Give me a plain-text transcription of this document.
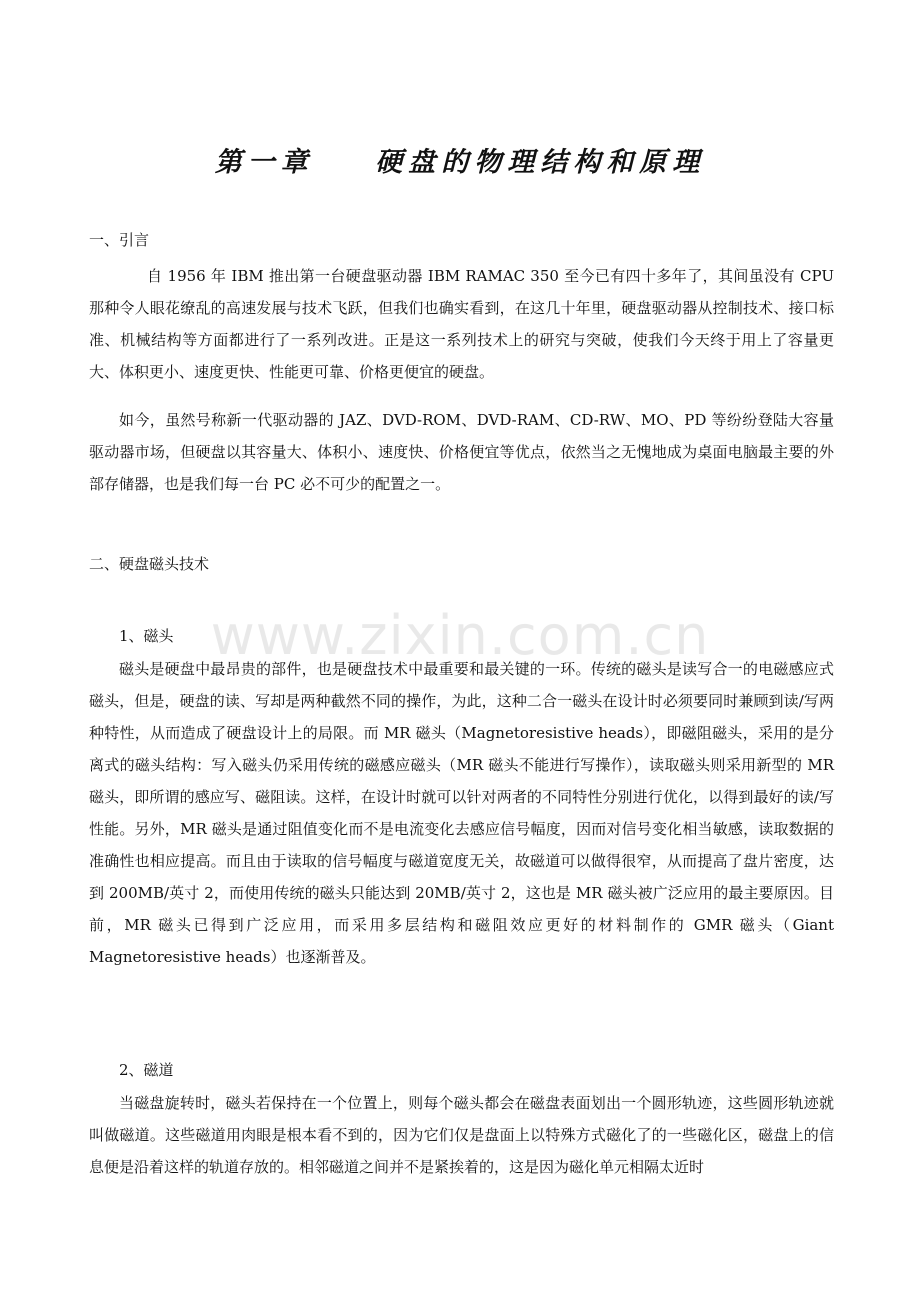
www.zixin.com.cn
第一章    硬盘的物理结构和原理
一、引言

自 1956 年 IBM 推出第一台硬盘驱动器 IBM RAMAC 350 至今已有四十多年了，其间虽没有 CPU 那种令人眼花缭乱的高速发展与技术飞跃，但我们也确实看到，在这几十年里，硬盘驱动器从控制技术、接口标准、机械结构等方面都进行了一系列改进。正是这一系列技术上的研究与突破，使我们今天终于用上了容量更大、体积更小、速度更快、性能更可靠、价格更便宜的硬盘。

如今，虽然号称新一代驱动器的 JAZ、DVD-ROM、DVD-RAM、CD-RW、MO、PD 等纷纷登陆大容量驱动器市场，但硬盘以其容量大、体积小、速度快、价格便宜等优点，依然当之无愧地成为桌面电脑最主要的外部存储器，也是我们每一台 PC 必不可少的配置之一。

二、硬盘磁头技术
1、磁头

磁头是硬盘中最昂贵的部件，也是硬盘技术中最重要和最关键的一环。传统的磁头是读写合一的电磁感应式磁头，但是，硬盘的读、写却是两种截然不同的操作，为此，这种二合一磁头在设计时必须要同时兼顾到读/写两种特性，从而造成了硬盘设计上的局限。而 MR 磁头（Magnetoresistive heads），即磁阻磁头，采用的是分离式的磁头结构：写入磁头仍采用传统的磁感应磁头（MR 磁头不能进行写操作），读取磁头则采用新型的 MR 磁头，即所谓的感应写、磁阻读。这样，在设计时就可以针对两者的不同特性分别进行优化，以得到最好的读/写性能。另外，MR 磁头是通过阻值变化而不是电流变化去感应信号幅度，因而对信号变化相当敏感，读取数据的准确性也相应提高。而且由于读取的信号幅度与磁道宽度无关，故磁道可以做得很窄，从而提高了盘片密度，达到 200MB/英寸 2，而使用传统的磁头只能达到 20MB/英寸 2，这也是 MR 磁头被广泛应用的最主要原因。目前，MR 磁头已得到广泛应用，而采用多层结构和磁阻效应更好的材料制作的 GMR 磁头（Giant Magnetoresistive heads）也逐渐普及。

2、磁道

当磁盘旋转时，磁头若保持在一个位置上，则每个磁头都会在磁盘表面划出一个圆形轨迹，这些圆形轨迹就叫做磁道。这些磁道用肉眼是根本看不到的，因为它们仅是盘面上以特殊方式磁化了的一些磁化区，磁盘上的信息便是沿着这样的轨道存放的。相邻磁道之间并不是紧挨着的，这是因为磁化单元相隔太近时
